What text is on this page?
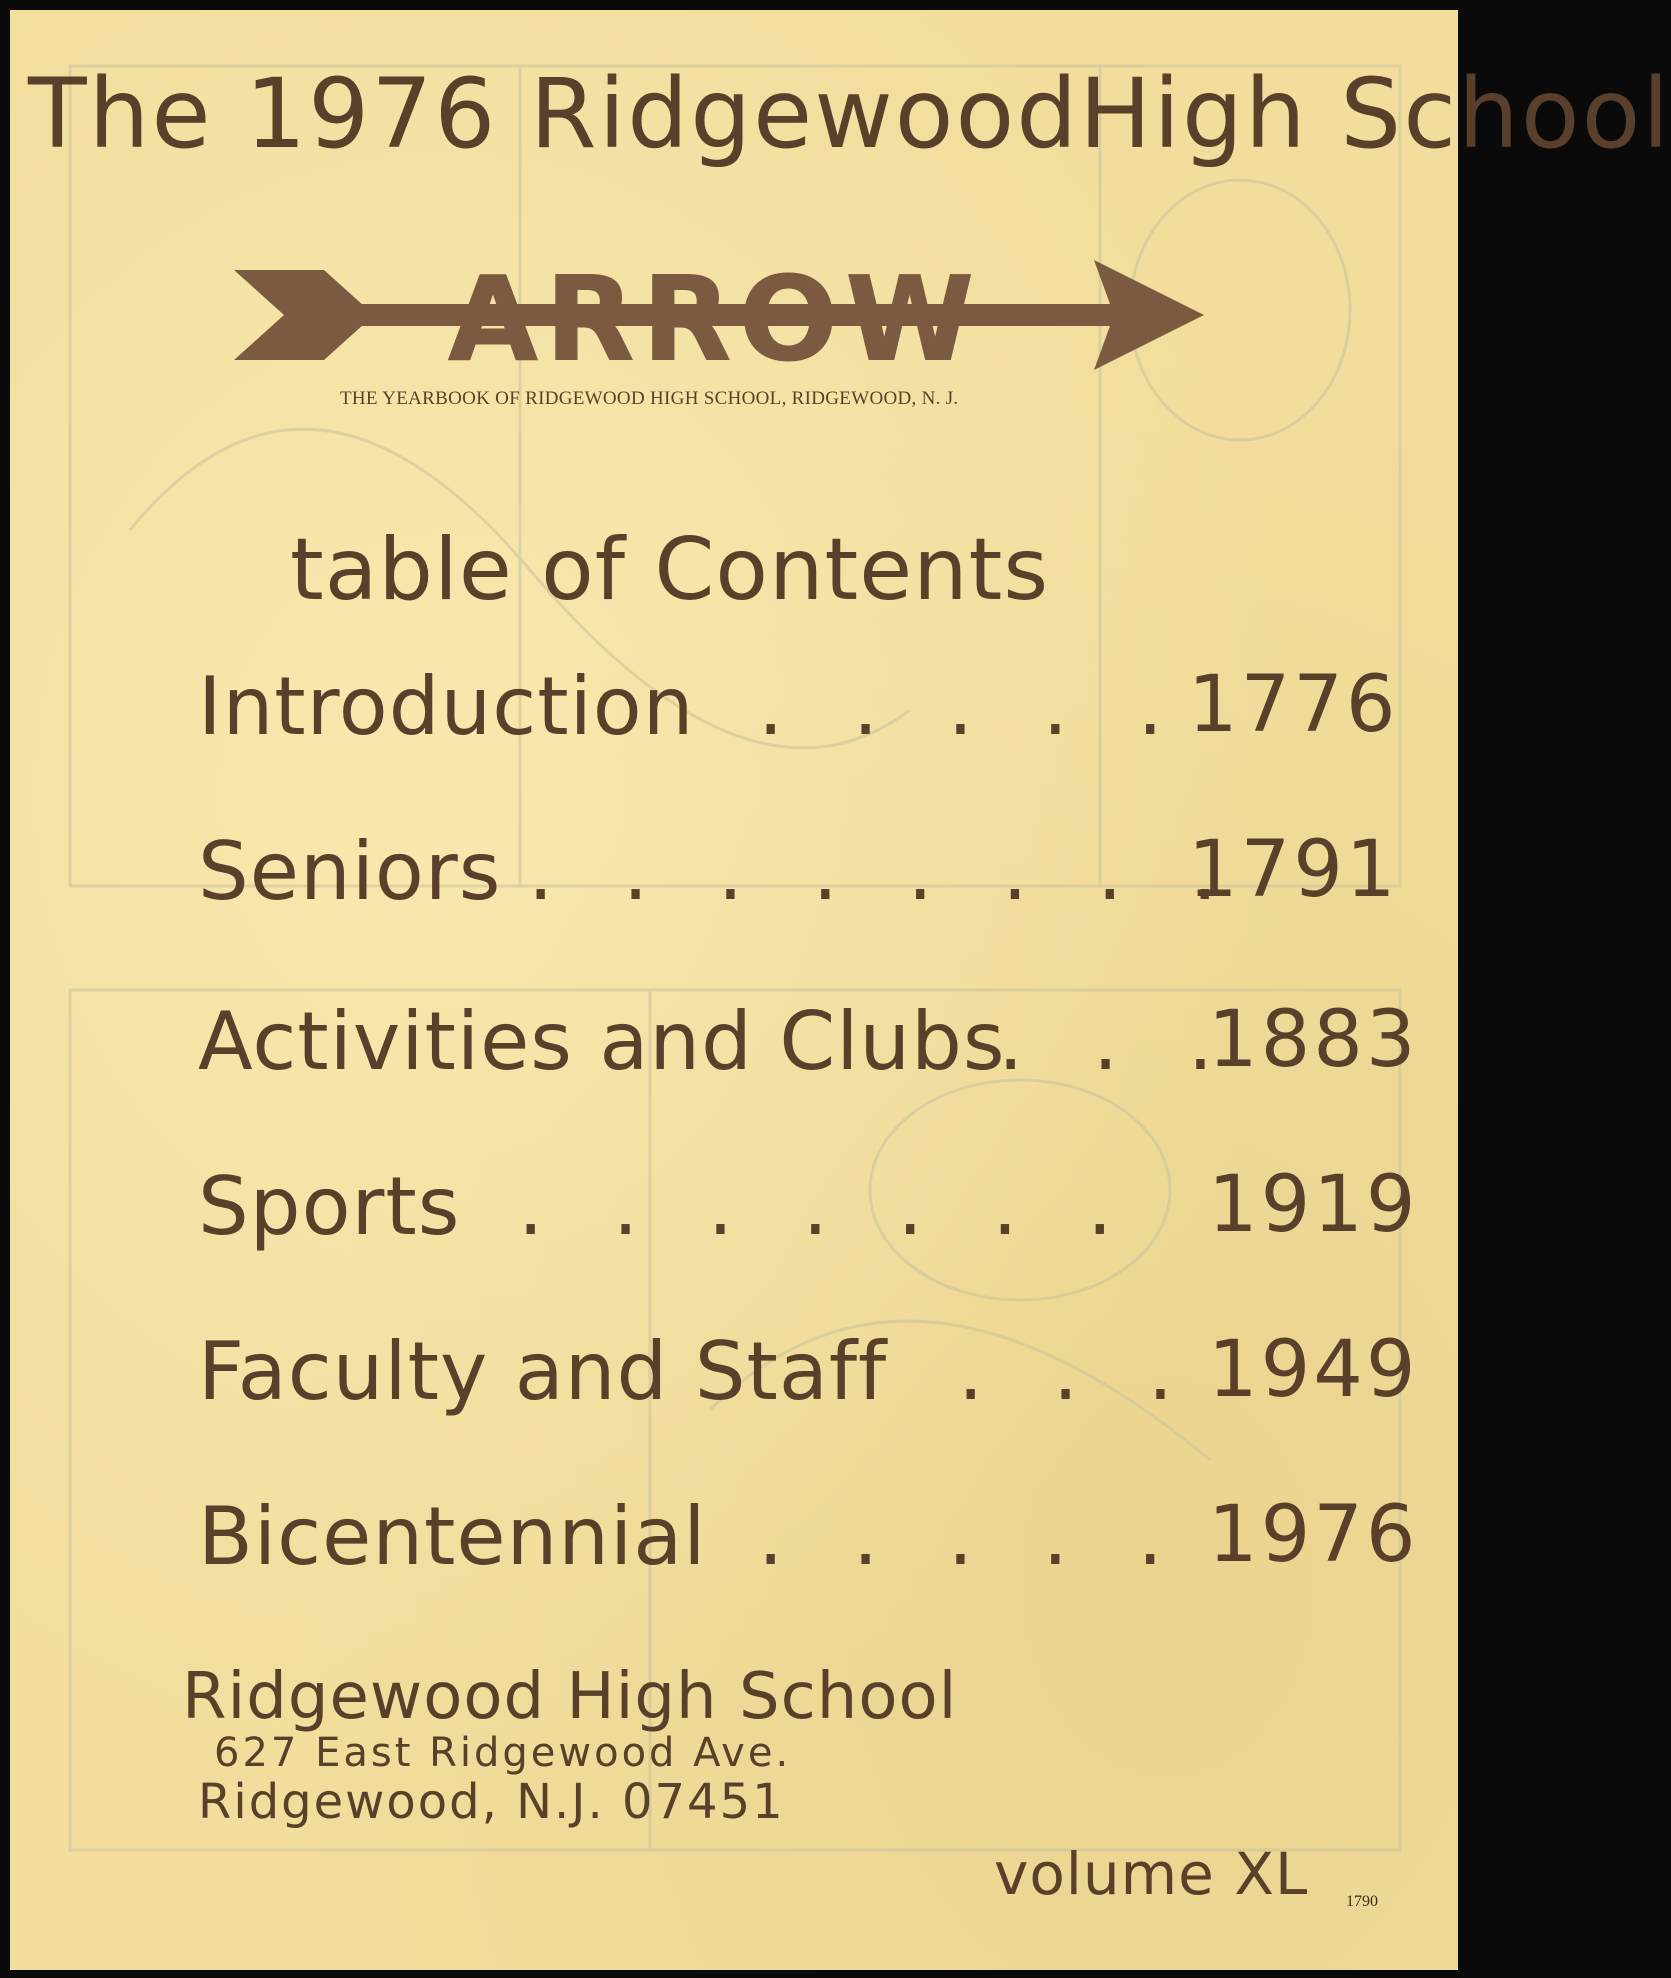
The 1976 RidgewoodHigh School
ARROW
THE YEARBOOK OF RIDGEWOOD HIGH SCHOOL, RIDGEWOOD, N. J.
table of Contents
Introduction . . . . . 1776
Seniors . . . . . . . .
1791
Activities and Clubs
. . .
1883
Sports . . . . . . . 1919
Faculty and Staff . . . 1949
Bicentennial . . . . . 1976
Ridgewood High School
627 East Ridgewood Ave.
Ridgewood, N.J. 07451
volume XL 1790
